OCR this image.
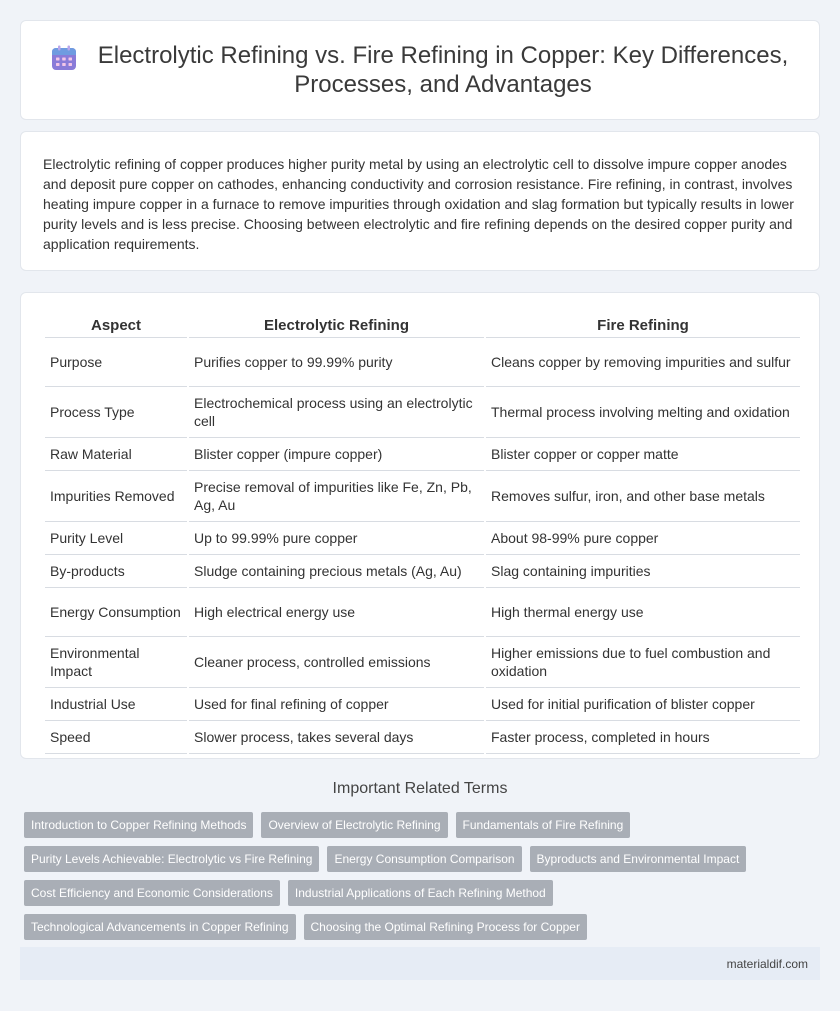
Electrolytic Refining vs. Fire Refining in Copper: Key Differences, Processes, and Advantages

Electrolytic refining of copper produces higher purity metal by using an electrolytic cell to dissolve impure copper anodes and deposit pure copper on cathodes, enhancing conductivity and corrosion resistance. Fire refining, in contrast, involves heating impure copper in a furnace to remove impurities through oxidation and slag formation but typically results in lower purity levels and is less precise. Choosing between electrolytic and fire refining depends on the desired copper purity and application requirements.

Aspect	Electrolytic Refining	Fire Refining
Purpose	Purifies copper to 99.99% purity	Cleans copper by removing impurities and sulfur
Process Type	Electrochemical process using an electrolytic cell	Thermal process involving melting and oxidation
Raw Material	Blister copper (impure copper)	Blister copper or copper matte
Impurities Removed	Precise removal of impurities like Fe, Zn, Pb, Ag, Au	Removes sulfur, iron, and other base metals
Purity Level	Up to 99.99% pure copper	About 98-99% pure copper
By-products	Sludge containing precious metals (Ag, Au)	Slag containing impurities
Energy Consumption	High electrical energy use	High thermal energy use
Environmental Impact	Cleaner process, controlled emissions	Higher emissions due to fuel combustion and oxidation
Industrial Use	Used for final refining of copper	Used for initial purification of blister copper
Speed	Slower process, takes several days	Faster process, completed in hours
Important Related Terms
Introduction to Copper Refining Methods	Overview of Electrolytic Refining	Fundamentals of Fire Refining
Purity Levels Achievable: Electrolytic vs Fire Refining	Energy Consumption Comparison	Byproducts and Environmental Impact
Cost Efficiency and Economic Considerations	Industrial Applications of Each Refining Method
Technological Advancements in Copper Refining	Choosing the Optimal Refining Process for Copper
materialdif.com
